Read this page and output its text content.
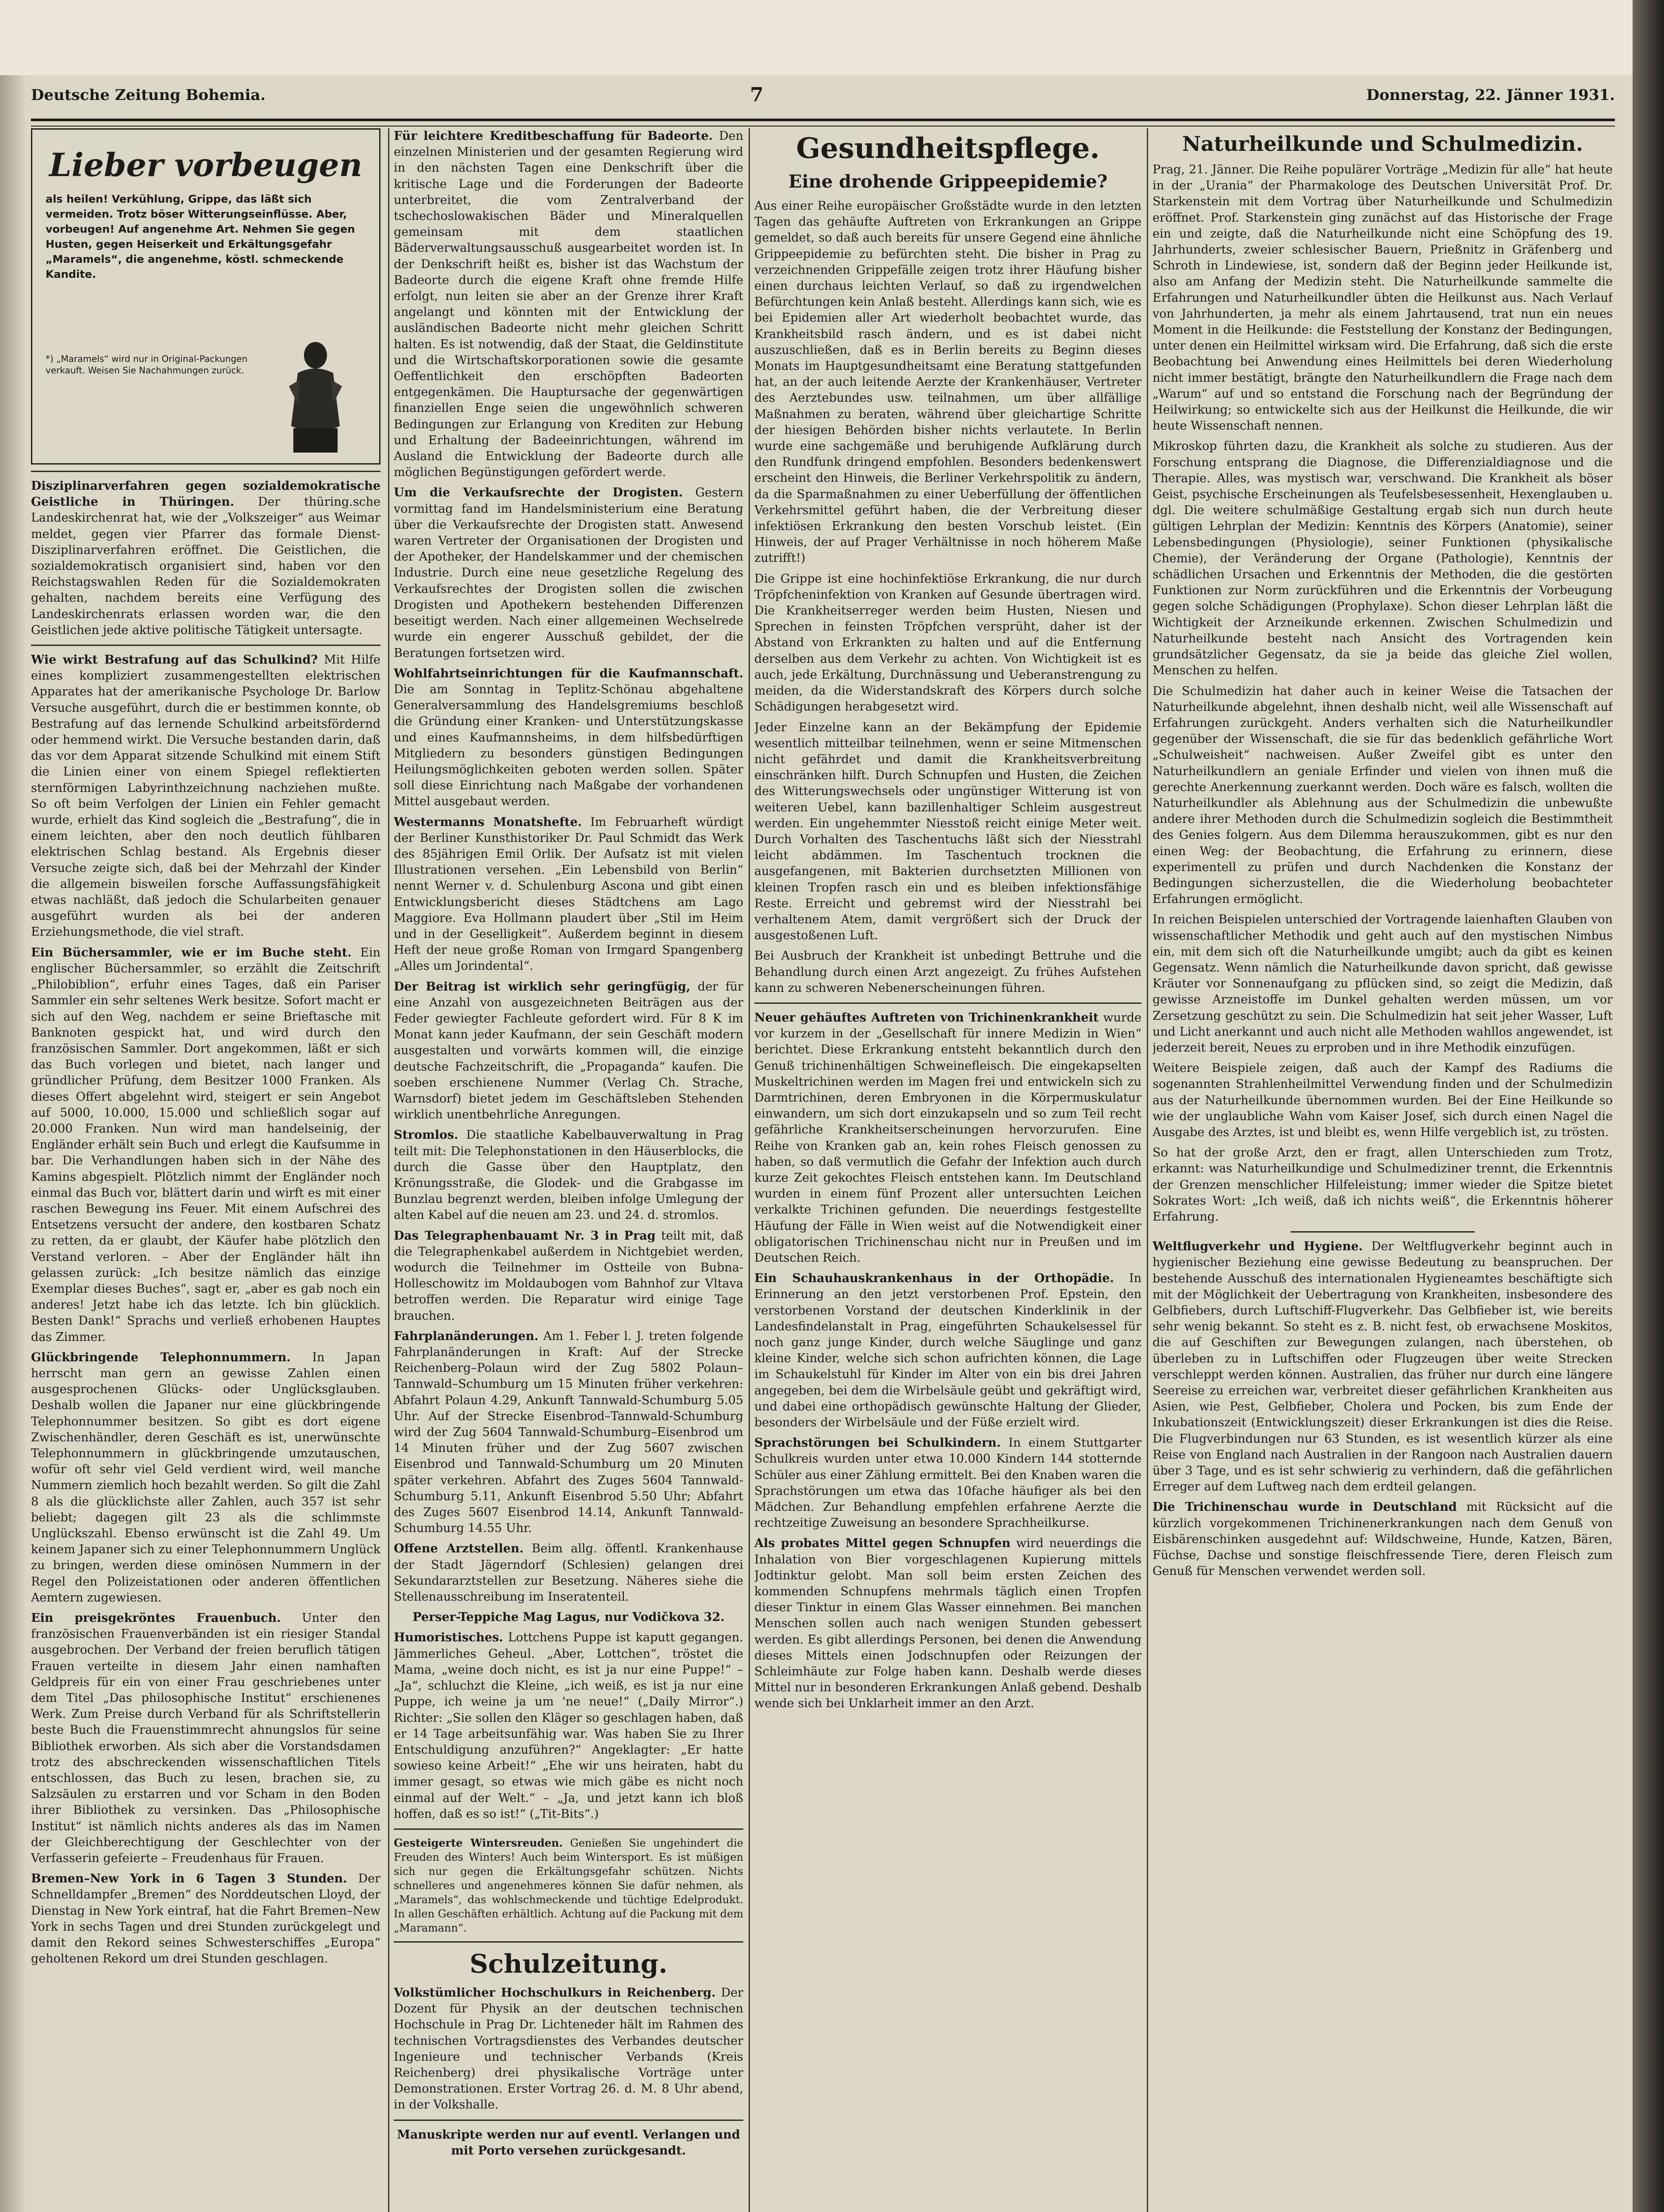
Deutsche Zeitung Bohemia.	7	Donnerstag, 22. Jänner 1931.
Lieber vorbeugen

als heilen! Verkühlung, Grippe, das läßt sich vermeiden. Trotz böser Witterungseinflüsse. Aber, vorbeugen! Auf angenehme Art. Nehmen Sie gegen Husten, gegen Heiserkeit und Erkältungsgefahr „Maramels“, die angenehme, köstl. schmeckende Kandite.

*) „Maramels“ wird nur in Original-Packungen verkauft. Weisen Sie Nachahmungen zurück.

Disziplinarverfahren gegen sozialdemokratische Geistliche in Thüringen. Der thüring.sche Landeskirchenrat hat, wie der „Volkszeiger“ aus Weimar meldet, gegen vier Pfarrer das formale Dienst-Disziplinarverfahren eröffnet. Die Geistlichen, die sozialdemokratisch organisiert sind, haben vor den Reichstagswahlen Reden für die Sozialdemokraten gehalten, nachdem bereits eine Verfügung des Landeskirchenrats erlassen worden war, die den Geistlichen jede aktive politische Tätigkeit untersagte.

Wie wirkt Bestrafung auf das Schulkind? Mit Hilfe eines kompliziert zusammengestellten elektrischen Apparates hat der amerikanische Psychologe Dr. Barlow Versuche ausgeführt, durch die er bestimmen konnte, ob Bestrafung auf das lernende Schulkind arbeitsfördernd oder hemmend wirkt. Die Versuche bestanden darin, daß das vor dem Apparat sitzende Schulkind mit einem Stift die Linien einer von einem Spiegel reflektierten sternförmigen Labyrinthzeichnung nachziehen mußte. So oft beim Verfolgen der Linien ein Fehler gemacht wurde, erhielt das Kind sogleich die „Bestrafung“, die in einem leichten, aber den noch deutlich fühlbaren elektrischen Schlag bestand. Als Ergebnis dieser Versuche zeigte sich, daß bei der Mehrzahl der Kinder die allgemein bisweilen forsche Auffassungsfähigkeit etwas nachläßt, daß jedoch die Schularbeiten genauer ausgeführt wurden als bei der anderen Erziehungsmethode, die viel straft.

Ein Büchersammler, wie er im Buche steht. Ein englischer Büchersammler, so erzählt die Zeitschrift „Philobiblion“, erfuhr eines Tages, daß ein Pariser Sammler ein sehr seltenes Werk besitze. Sofort macht er sich auf den Weg, nachdem er seine Brieftasche mit Banknoten gespickt hat, und wird durch den französischen Sammler. Dort angekommen, läßt er sich das Buch vorlegen und bietet, nach langer und gründlicher Prüfung, dem Besitzer 1000 Franken. Als dieses Offert abgelehnt wird, steigert er sein Angebot auf 5000, 10.000, 15.000 und schließlich sogar auf 20.000 Franken. Nun wird man handelseinig, der Engländer erhält sein Buch und erlegt die Kaufsumme in bar. Die Verhandlungen haben sich in der Nähe des Kamins abgespielt. Plötzlich nimmt der Engländer noch einmal das Buch vor, blättert darin und wirft es mit einer raschen Bewegung ins Feuer. Mit einem Aufschrei des Entsetzens versucht der andere, den kostbaren Schatz zu retten, da er glaubt, der Käufer habe plötzlich den Verstand verloren. – Aber der Engländer hält ihn gelassen zurück: „Ich besitze nämlich das einzige Exemplar dieses Buches“, sagt er, „aber es gab noch ein anderes! Jetzt habe ich das letzte. Ich bin glücklich. Besten Dank!“ Sprachs und verließ erhobenen Hauptes das Zimmer.

Glückbringende Telephonnummern. In Japan herrscht man gern an gewisse Zahlen einen ausgesprochenen Glücks- oder Unglücksglauben. Deshalb wollen die Japaner nur eine glückbringende Telephonnummer besitzen. So gibt es dort eigene Zwischenhändler, deren Geschäft es ist, unerwünschte Telephonnummern in glückbringende umzutauschen, wofür oft sehr viel Geld verdient wird, weil manche Nummern ziemlich hoch bezahlt werden. So gilt die Zahl 8 als die glücklichste aller Zahlen, auch 357 ist sehr beliebt; dagegen gilt 23 als die schlimmste Unglückszahl. Ebenso erwünscht ist die Zahl 49. Um keinem Japaner sich zu einer Telephonnummern Unglück zu bringen, werden diese ominösen Nummern in der Regel den Polizeistationen oder anderen öffentlichen Aemtern zugewiesen.

Ein preisgekröntes Frauenbuch. Unter den französischen Frauenverbänden ist ein riesiger Standal ausgebrochen. Der Verband der freien beruflich tätigen Frauen verteilte in diesem Jahr einen namhaften Geldpreis für ein von einer Frau geschriebenes unter dem Titel „Das philosophische Institut“ erschienenes Werk. Zum Preise durch Verband für als Schriftstellerin beste Buch die Frauenstimmrecht ahnungslos für seine Bibliothek erworben. Als sich aber die Vorstandsdamen trotz des abschreckenden wissenschaftlichen Titels entschlossen, das Buch zu lesen, brachen sie, zu Salzsäulen zu erstarren und vor Scham in den Boden ihrer Bibliothek zu versinken. Das „Philosophische Institut“ ist nämlich nichts anderes als das im Namen der Gleichberechtigung der Geschlechter von der Verfasserin gefeierte – Freudenhaus für Frauen.

Bremen–New York in 6 Tagen 3 Stunden. Der Schnelldampfer „Bremen“ des Norddeutschen Lloyd, der Dienstag in New York eintraf, hat die Fahrt Bremen–New York in sechs Tagen und drei Stunden zurückgelegt und damit den Rekord seines Schwesterschiffes „Europa“ geholtenen Rekord um drei Stunden geschlagen.

Für leichtere Kreditbeschaffung für Badeorte. Den einzelnen Ministerien und der gesamten Regierung wird in den nächsten Tagen eine Denkschrift über die kritische Lage und die Forderungen der Badeorte unterbreitet, die vom Zentralverband der tschechoslowakischen Bäder und Mineralquellen gemeinsam mit dem staatlichen Bäderverwaltungsausschuß ausgearbeitet worden ist. In der Denkschrift heißt es, bisher ist das Wachstum der Badeorte durch die eigene Kraft ohne fremde Hilfe erfolgt, nun leiten sie aber an der Grenze ihrer Kraft angelangt und könnten mit der Entwicklung der ausländischen Badeorte nicht mehr gleichen Schritt halten. Es ist notwendig, daß der Staat, die Geldinstitute und die Wirtschaftskorporationen sowie die gesamte Oeffentlichkeit den erschöpften Badeorten entgegenkämen. Die Hauptursache der gegenwärtigen finanziellen Enge seien die ungewöhnlich schweren Bedingungen zur Erlangung von Krediten zur Hebung und Erhaltung der Badeeinrichtungen, während im Ausland die Entwicklung der Badeorte durch alle möglichen Begünstigungen gefördert werde.

Um die Verkaufsrechte der Drogisten. Gestern vormittag fand im Handelsministerium eine Beratung über die Verkaufsrechte der Drogisten statt. Anwesend waren Vertreter der Organisationen der Drogisten und der Apotheker, der Handelskammer und der chemischen Industrie. Durch eine neue gesetzliche Regelung des Verkaufsrechtes der Drogisten sollen die zwischen Drogisten und Apothekern bestehenden Differenzen beseitigt werden. Nach einer allgemeinen Wechselrede wurde ein engerer Ausschuß gebildet, der die Beratungen fortsetzen wird.

Wohlfahrtseinrichtungen für die Kaufmannschaft. Die am Sonntag in Teplitz-Schönau abgehaltene Generalversammlung des Handelsgremiums beschloß die Gründung einer Kranken- und Unterstützungskasse und eines Kaufmannsheims, in dem hilfsbedürftigen Mitgliedern zu besonders günstigen Bedingungen Heilungsmöglichkeiten geboten werden sollen. Später soll diese Einrichtung nach Maßgabe der vorhandenen Mittel ausgebaut werden.

Westermanns Monatshefte. Im Februarheft würdigt der Berliner Kunsthistoriker Dr. Paul Schmidt das Werk des 85jährigen Emil Orlik. Der Aufsatz ist mit vielen Illustrationen versehen. „Ein Lebensbild von Berlin“ nennt Werner v. d. Schulenburg Ascona und gibt einen Entwicklungsbericht dieses Städtchens am Lago Maggiore. Eva Hollmann plaudert über „Stil im Heim und in der Geselligkeit“. Außerdem beginnt in diesem Heft der neue große Roman von Irmgard Spangenberg „Alles um Jorindental“.

Der Beitrag ist wirklich sehr geringfügig, der für eine Anzahl von ausgezeichneten Beiträgen aus der Feder gewiegter Fachleute gefordert wird. Für 8 K im Monat kann jeder Kaufmann, der sein Geschäft modern ausgestalten und vorwärts kommen will, die einzige deutsche Fachzeitschrift, die „Propaganda“ kaufen. Die soeben erschienene Nummer (Verlag Ch. Strache, Warnsdorf) bietet jedem im Geschäftsleben Stehenden wirklich unentbehrliche Anregungen.

Stromlos. Die staatliche Kabelbauverwaltung in Prag teilt mit: Die Telephonstationen in den Häuserblocks, die durch die Gasse über den Hauptplatz, den Krönungsstraße, die Glodek- und die Grabgasse im Bunzlau begrenzt werden, bleiben infolge Umlegung der alten Kabel auf die neuen am 23. und 24. d. stromlos.

Das Telegraphenbauamt Nr. 3 in Prag teilt mit, daß die Telegraphenkabel außerdem in Nichtgebiet werden, wodurch die Teilnehmer im Ostteile von Bubna-Holleschowitz im Moldaubogen vom Bahnhof zur Vltava betroffen werden. Die Reparatur wird einige Tage brauchen.

Fahrplanänderungen. Am 1. Feber l. J. treten folgende Fahrplanänderungen in Kraft: Auf der Strecke Reichenberg–Polaun wird der Zug 5802 Polaun–Tannwald–Schumburg um 15 Minuten früher verkehren: Abfahrt Polaun 4.29, Ankunft Tannwald-Schumburg 5.05 Uhr. Auf der Strecke Eisenbrod–Tannwald-Schumburg wird der Zug 5604 Tannwald-Schumburg–Eisenbrod um 14 Minuten früher und der Zug 5607 zwischen Eisenbrod und Tannwald-Schumburg um 20 Minuten später verkehren. Abfahrt des Zuges 5604 Tannwald-Schumburg 5.11, Ankunft Eisenbrod 5.50 Uhr; Abfahrt des Zuges 5607 Eisenbrod 14.14, Ankunft Tannwald-Schumburg 14.55 Uhr.

Offene Arztstellen. Beim allg. öffentl. Krankenhause der Stadt Jägerndorf (Schlesien) gelangen drei Sekundararztstellen zur Besetzung. Näheres siehe die Stellenausschreibung im Inseratenteil.

Perser-Teppiche Mag Lagus, nur Vodičkova 32.

Humoristisches. Lottchens Puppe ist kaputt gegangen. Jämmerliches Geheul. „Aber, Lottchen“, tröstet die Mama, „weine doch nicht, es ist ja nur eine Puppe!“ – „Ja“, schluchzt die Kleine, „ich weiß, es ist ja nur eine Puppe, ich weine ja um 'ne neue!“ („Daily Mirror“.) Richter: „Sie sollen den Kläger so geschlagen haben, daß er 14 Tage arbeitsunfähig war. Was haben Sie zu Ihrer Entschuldigung anzuführen?“ Angeklagter: „Er hatte sowieso keine Arbeit!“ „Ehe wir uns heiraten, habt du immer gesagt, so etwas wie mich gäbe es nicht noch einmal auf der Welt.“ – „Ja, und jetzt kann ich bloß hoffen, daß es so ist!“ („Tit-Bits“.)

Gesteigerte Wintersreuden. Genießen Sie ungehindert die Freuden des Winters! Auch beim Wintersport. Es ist müßigen sich nur gegen die Erkältungsgefahr schützen. Nichts schnelleres und angenehmeres können Sie dafür nehmen, als „Maramels“, das wohlschmeckende und tüchtige Edelprodukt. In allen Geschäften erhältlich. Achtung auf die Packung mit dem „Maramann“.

Schulzeitung.

Volkstümlicher Hochschulkurs in Reichenberg. Der Dozent für Physik an der deutschen technischen Hochschule in Prag Dr. Lichteneder hält im Rahmen des technischen Vortragsdienstes des Verbandes deutscher Ingenieure und technischer Verbands (Kreis Reichenberg) drei physikalische Vorträge unter Demonstrationen. Erster Vortrag 26. d. M. 8 Uhr abend, in der Volkshalle.

Manuskripte werden nur auf eventl. Verlangen und mit Porto versehen zurückgesandt.

Gesundheitspflege.
Eine drohende Grippeepidemie?

Aus einer Reihe europäischer Großstädte wurde in den letzten Tagen das gehäufte Auftreten von Erkrankungen an Grippe gemeldet, so daß auch bereits für unsere Gegend eine ähnliche Grippeepidemie zu befürchten steht. Die bisher in Prag zu verzeichnenden Grippefälle zeigen trotz ihrer Häufung bisher einen durchaus leichten Verlauf, so daß zu irgendwelchen Befürchtungen kein Anlaß besteht. Allerdings kann sich, wie es bei Epidemien aller Art wiederholt beobachtet wurde, das Krankheitsbild rasch ändern, und es ist dabei nicht auszuschließen, daß es in Berlin bereits zu Beginn dieses Monats im Hauptgesundheitsamt eine Beratung stattgefunden hat, an der auch leitende Aerzte der Krankenhäuser, Vertreter des Aerztebundes usw. teilnahmen, um über allfällige Maßnahmen zu beraten, während über gleichartige Schritte der hiesigen Behörden bisher nichts verlautete. In Berlin wurde eine sachgemäße und beruhigende Aufklärung durch den Rundfunk dringend empfohlen. Besonders bedenkenswert erscheint den Hinweis, die Berliner Verkehrspolitik zu ändern, da die Sparmaßnahmen zu einer Ueberfüllung der öffentlichen Verkehrsmittel geführt haben, die der Verbreitung dieser infektiösen Erkrankung den besten Vorschub leistet. (Ein Hinweis, der auf Prager Verhältnisse in noch höherem Maße zutrifft!)

Die Grippe ist eine hochinfektiöse Erkrankung, die nur durch Tröpfcheninfektion von Kranken auf Gesunde übertragen wird. Die Krankheitserreger werden beim Husten, Niesen und Sprechen in feinsten Tröpfchen versprüht, daher ist der Abstand von Erkrankten zu halten und auf die Entfernung derselben aus dem Verkehr zu achten. Von Wichtigkeit ist es auch, jede Erkältung, Durchnässung und Ueberanstrengung zu meiden, da die Widerstandskraft des Körpers durch solche Schädigungen herabgesetzt wird.

Jeder Einzelne kann an der Bekämpfung der Epidemie wesentlich mitteilbar teilnehmen, wenn er seine Mitmenschen nicht gefährdet und damit die Krankheitsverbreitung einschränken hilft. Durch Schnupfen und Husten, die Zeichen des Witterungswechsels oder ungünstiger Witterung ist von weiteren Uebel, kann bazillenhaltiger Schleim ausgestreut werden. Ein ungehemmter Niesstoß reicht einige Meter weit. Durch Vorhalten des Taschentuchs läßt sich der Niesstrahl leicht abdämmen. Im Taschentuch trocknen die ausgefangenen, mit Bakterien durchsetzten Millionen von kleinen Tropfen rasch ein und es bleiben infektionsfähige Reste. Erreicht und gebremst wird der Niesstrahl bei verhaltenem Atem, damit vergrößert sich der Druck der ausgestoßenen Luft.

Bei Ausbruch der Krankheit ist unbedingt Bettruhe und die Behandlung durch einen Arzt angezeigt. Zu frühes Aufstehen kann zu schweren Nebenerscheinungen führen.

Neuer gehäuftes Auftreten von Trichinenkrankheit wurde vor kurzem in der „Gesellschaft für innere Medizin in Wien“ berichtet. Diese Erkrankung entsteht bekanntlich durch den Genuß trichinenhältigen Schweinefleisch. Die eingekapselten Muskeltrichinen werden im Magen frei und entwickeln sich zu Darmtrichinen, deren Embryonen in die Körpermuskulatur einwandern, um sich dort einzukapseln und so zum Teil recht gefährliche Krankheitserscheinungen hervorzurufen. Eine Reihe von Kranken gab an, kein rohes Fleisch genossen zu haben, so daß vermutlich die Gefahr der Infektion auch durch kurze Zeit gekochtes Fleisch entstehen kann. Im Deutschland wurden in einem fünf Prozent aller untersuchten Leichen verkalkte Trichinen gefunden. Die neuerdings festgestellte Häufung der Fälle in Wien weist auf die Notwendigkeit einer obligatorischen Trichinenschau nicht nur in Preußen und im Deutschen Reich.

Ein Schauhauskrankenhaus in der Orthopädie. In Erinnerung an den jetzt verstorbenen Prof. Epstein, den verstorbenen Vorstand der deutschen Kinderklinik in der Landesfindelanstalt in Prag, eingeführten Schaukelsessel für noch ganz junge Kinder, durch welche Säuglinge und ganz kleine Kinder, welche sich schon aufrichten können, die Lage im Schaukelstuhl für Kinder im Alter von ein bis drei Jahren angegeben, bei dem die Wirbelsäule geübt und gekräftigt wird, und dabei eine orthopädisch gewünschte Haltung der Glieder, besonders der Wirbelsäule und der Füße erzielt wird.

Sprachstörungen bei Schulkindern. In einem Stuttgarter Schulkreis wurden unter etwa 10.000 Kindern 144 stotternde Schüler aus einer Zählung ermittelt. Bei den Knaben waren die Sprachstörungen um etwa das 10fache häufiger als bei den Mädchen. Zur Behandlung empfehlen erfahrene Aerzte die rechtzeitige Zuweisung an besondere Sprachheilkurse.

Als probates Mittel gegen Schnupfen wird neuerdings die Inhalation von Bier vorgeschlagenen Kupierung mittels Jodtinktur gelobt. Man soll beim ersten Zeichen des kommenden Schnupfens mehrmals täglich einen Tropfen dieser Tinktur in einem Glas Wasser einnehmen. Bei manchen Menschen sollen auch nach wenigen Stunden gebessert werden. Es gibt allerdings Personen, bei denen die Anwendung dieses Mittels einen Jodschnupfen oder Reizungen der Schleimhäute zur Folge haben kann. Deshalb werde dieses Mittel nur in besonderen Erkrankungen Anlaß gebend. Deshalb wende sich bei Unklarheit immer an den Arzt.

Naturheilkunde und Schulmedizin.

Prag, 21. Jänner. Die Reihe populärer Vorträge „Medizin für alle“ hat heute in der „Urania“ der Pharmakologe des Deutschen Universität Prof. Dr. Starkenstein mit dem Vortrag über Naturheilkunde und Schulmedizin eröffnet. Prof. Starkenstein ging zunächst auf das Historische der Frage ein und zeigte, daß die Naturheilkunde nicht eine Schöpfung des 19. Jahrhunderts, zweier schlesischer Bauern, Prießnitz in Gräfenberg und Schroth in Lindewiese, ist, sondern daß der Beginn jeder Heilkunde ist, also am Anfang der Medizin steht. Die Naturheilkunde sammelte die Erfahrungen und Naturheilkundler übten die Heilkunst aus. Nach Verlauf von Jahrhunderten, ja mehr als einem Jahrtausend, trat nun ein neues Moment in die Heilkunde: die Feststellung der Konstanz der Bedingungen, unter denen ein Heilmittel wirksam wird. Die Erfahrung, daß sich die erste Beobachtung bei Anwendung eines Heilmittels bei deren Wiederholung nicht immer bestätigt, brängte den Naturheilkundlern die Frage nach dem „Warum“ auf und so entstand die Forschung nach der Begründung der Heilwirkung; so entwickelte sich aus der Heilkunst die Heilkunde, die wir heute Wissenschaft nennen.

Mikroskop führten dazu, die Krankheit als solche zu studieren. Aus der Forschung entsprang die Diagnose, die Differenzialdiagnose und die Therapie. Alles, was mystisch war, verschwand. Die Krankheit als böser Geist, psychische Erscheinungen als Teufelsbesessenheit, Hexenglauben u. dgl. Die weitere schulmäßige Gestaltung ergab sich nun durch heute gültigen Lehrplan der Medizin: Kenntnis des Körpers (Anatomie), seiner Lebensbedingungen (Physiologie), seiner Funktionen (physikalische Chemie), der Veränderung der Organe (Pathologie), Kenntnis der schädlichen Ursachen und Erkenntnis der Methoden, die die gestörten Funktionen zur Norm zurückführen und die Erkenntnis der Vorbeugung gegen solche Schädigungen (Prophylaxe). Schon dieser Lehrplan läßt die Wichtigkeit der Arzneikunde erkennen. Zwischen Schulmedizin und Naturheilkunde besteht nach Ansicht des Vortragenden kein grundsätzlicher Gegensatz, da sie ja beide das gleiche Ziel wollen, Menschen zu helfen.

Die Schulmedizin hat daher auch in keiner Weise die Tatsachen der Naturheilkunde abgelehnt, ihnen deshalb nicht, weil alle Wissenschaft auf Erfahrungen zurückgeht. Anders verhalten sich die Naturheilkundler gegenüber der Wissenschaft, die sie für das bedenklich gefährliche Wort „Schulweisheit“ nachweisen. Außer Zweifel gibt es unter den Naturheilkundlern an geniale Erfinder und vielen von ihnen muß die gerechte Anerkennung zuerkannt werden. Doch wäre es falsch, wollten die Naturheilkundler als Ablehnung aus der Schulmedizin die unbewußte andere ihrer Methoden durch die Schulmedizin sogleich die Bestimmtheit des Genies folgern. Aus dem Dilemma herauszukommen, gibt es nur den einen Weg: der Beobachtung, die Erfahrung zu erinnern, diese experimentell zu prüfen und durch Nachdenken die Konstanz der Bedingungen sicherzustellen, die die Wiederholung beobachteter Erfahrungen ermöglicht.

In reichen Beispielen unterschied der Vortragende laienhaften Glauben von wissenschaftlicher Methodik und geht auch auf den mystischen Nimbus ein, mit dem sich oft die Naturheilkunde umgibt; auch da gibt es keinen Gegensatz. Wenn nämlich die Naturheilkunde davon spricht, daß gewisse Kräuter vor Sonnenaufgang zu pflücken sind, so zeigt die Medizin, daß gewisse Arzneistoffe im Dunkel gehalten werden müssen, um vor Zersetzung geschützt zu sein. Die Schulmedizin hat seit jeher Wasser, Luft und Licht anerkannt und auch nicht alle Methoden wahllos angewendet, ist jederzeit bereit, Neues zu erproben und in ihre Methodik einzufügen.

Weitere Beispiele zeigen, daß auch der Kampf des Radiums die sogenannten Strahlenheilmittel Verwendung finden und der Schulmedizin aus der Naturheilkunde übernommen wurden. Bei der Eine Heilkunde so wie der unglaubliche Wahn vom Kaiser Josef, sich durch einen Nagel die Ausgabe des Arztes, ist und bleibt es, wenn Hilfe vergeblich ist, zu trösten.

So hat der große Arzt, den er fragt, allen Unterschieden zum Trotz, erkannt: was Naturheilkundige und Schulmediziner trennt, die Erkenntnis der Grenzen menschlicher Hilfeleistung; immer wieder die Spitze bietet Sokrates Wort: „Ich weiß, daß ich nichts weiß“, die Erkenntnis höherer Erfahrung.

Weltflugverkehr und Hygiene. Der Weltflugverkehr beginnt auch in hygienischer Beziehung eine gewisse Bedeutung zu beanspruchen. Der bestehende Ausschuß des internationalen Hygieneamtes beschäftigte sich mit der Möglichkeit der Uebertragung von Krankheiten, insbesondere des Gelbfiebers, durch Luftschiff-Flugverkehr. Das Gelbfieber ist, wie bereits sehr wenig bekannt. So steht es z. B. nicht fest, ob erwachsene Moskitos, die auf Geschiften zur Bewegungen zulangen, nach überstehen, ob überleben zu in Luftschiffen oder Flugzeugen über weite Strecken verschleppt werden können. Australien, das früher nur durch eine längere Seereise zu erreichen war, verbreitet dieser gefährlichen Krankheiten aus Asien, wie Pest, Gelbfieber, Cholera und Pocken, bis zum Ende der Inkubationszeit (Entwicklungszeit) dieser Erkrankungen ist dies die Reise. Die Flugverbindungen nur 63 Stunden, es ist wesentlich kürzer als eine Reise von England nach Australien in der Rangoon nach Australien dauern über 3 Tage, und es ist sehr schwierig zu verhindern, daß die gefährlichen Erreger auf dem Luftweg nach dem erdteil gelangen.

Die Trichinenschau wurde in Deutschland mit Rücksicht auf die kürzlich vorgekommenen Trichinenerkrankungen nach dem Genuß von Eisbärenschinken ausgedehnt auf: Wildschweine, Hunde, Katzen, Bären, Füchse, Dachse und sonstige fleischfressende Tiere, deren Fleisch zum Genuß für Menschen verwendet werden soll.
